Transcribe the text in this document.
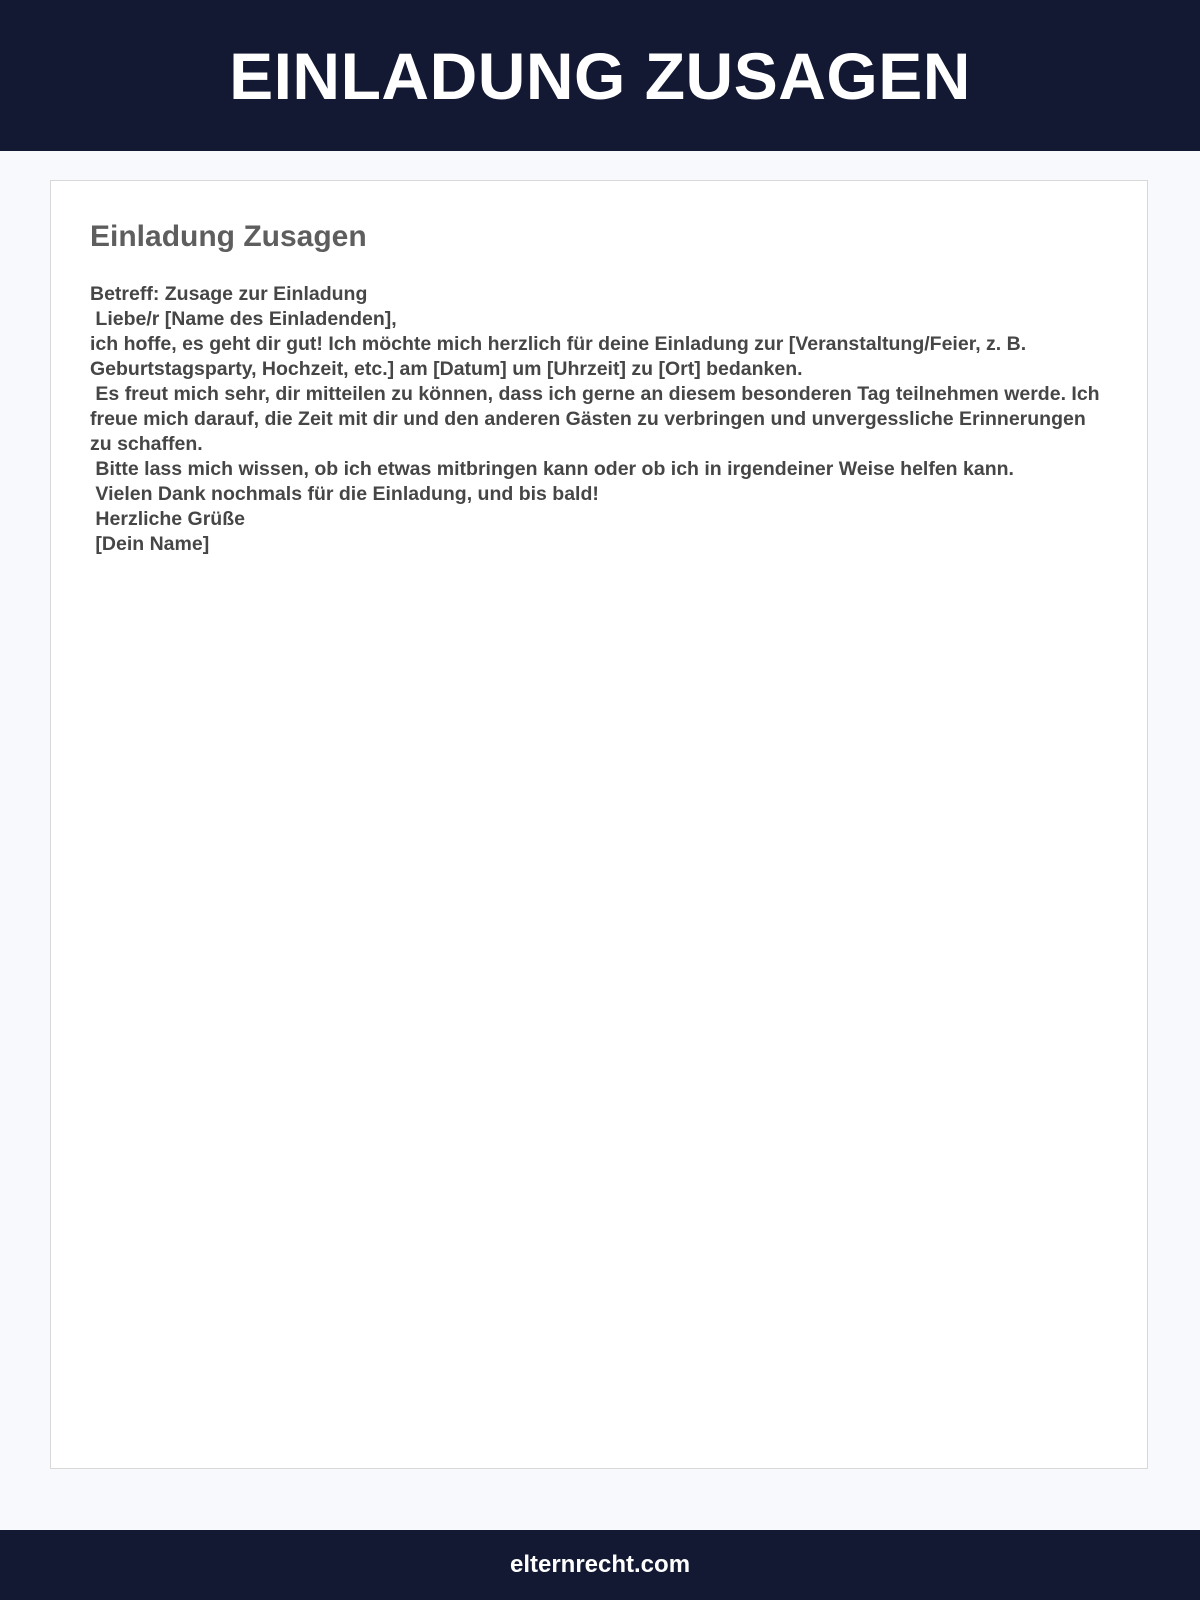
EINLADUNG ZUSAGEN
Einladung Zusagen

Betreff: Zusage zur Einladung

Liebe/r [Name des Einladenden],

ich hoffe, es geht dir gut! Ich möchte mich herzlich für deine Einladung zur [Veranstaltung/Feier, z. B. Geburtstagsparty, Hochzeit, etc.] am [Datum] um [Uhrzeit] zu [Ort] bedanken.

Es freut mich sehr, dir mitteilen zu können, dass ich gerne an diesem besonderen Tag teilnehmen werde. Ich freue mich darauf, die Zeit mit dir und den anderen Gästen zu verbringen und unvergessliche Erinnerungen zu schaffen.

Bitte lass mich wissen, ob ich etwas mitbringen kann oder ob ich in irgendeiner Weise helfen kann.

Vielen Dank nochmals für die Einladung, und bis bald!

Herzliche Grüße

[Dein Name]

elternrecht.com
